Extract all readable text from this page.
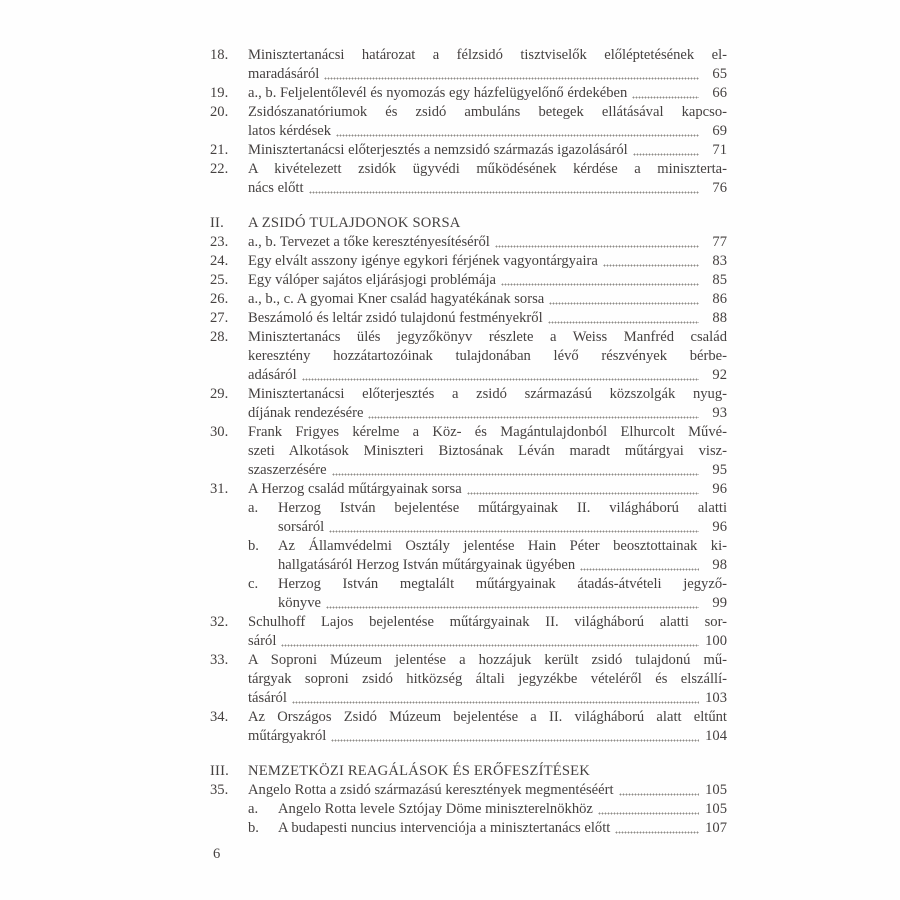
18.	Minisztertanácsi határozat a félzsidó tisztviselők előléptetésének el-
maradásáról	65
19.	a., b. Feljelentőlevél és nyomozás egy házfelügyelőnő érdekében	66
20.	Zsidószanatóriumok és zsidó ambuláns betegek ellátásával kapcso-
latos kérdések	69
21.	Minisztertanácsi előterjesztés a nemzsidó származás igazolásáról	71
22.	A kivételezett zsidók ügyvédi működésének kérdése a miniszterta-
nács előtt	76
II.	A ZSIDÓ TULAJDONOK SORSA
23.	a., b. Tervezet a tőke keresztényesítéséről	77
24.	Egy elvált asszony igénye egykori férjének vagyontárgyaira	83
25.	Egy válóper sajátos eljárásjogi problémája	85
26.	a., b., c. A gyomai Kner család hagyatékának sorsa	86
27.	Beszámoló és leltár zsidó tulajdonú festményekről	88
28.	Minisztertanács ülés jegyzőkönyv részlete a Weiss Manfréd család
keresztény hozzátartozóinak tulajdonában lévő részvények bérbe-
adásáról	92
29.	Minisztertanácsi előterjesztés a zsidó származású közszolgák nyug-
díjának rendezésére	93
30.	Frank Frigyes kérelme a Köz- és Magántulajdonból Elhurcolt Művé-
szeti Alkotások Miniszteri Biztosának Léván maradt műtárgyai visz-
szaszerzésére	95
31.	A Herzog család műtárgyainak sorsa	96
a.	Herzog István bejelentése műtárgyainak II. világháború alatti
sorsáról	96
b.	Az Államvédelmi Osztály jelentése Hain Péter beosztottainak ki-
hallgatásáról Herzog István műtárgyainak ügyében	98
c.	Herzog István megtalált műtárgyainak átadás-átvételi jegyző-
könyve	99
32.	Schulhoff Lajos bejelentése műtárgyainak II. világháború alatti sor-
sáról	100
33.	A Soproni Múzeum jelentése a hozzájuk került zsidó tulajdonú mű-
tárgyak soproni zsidó hitközség általi jegyzékbe vételéről és elszállí-
tásáról	103
34.	Az Országos Zsidó Múzeum bejelentése a II. világháború alatt eltűnt
műtárgyakról	104
III.	NEMZETKÖZI REAGÁLÁSOK ÉS ERŐFESZÍTÉSEK
35.	Angelo Rotta a zsidó származású keresztények megmentéséért	105
a.	Angelo Rotta levele Sztójay Döme miniszterelnökhöz	105
b.	A budapesti nuncius intervenciója a minisztertanács előtt	107
6
